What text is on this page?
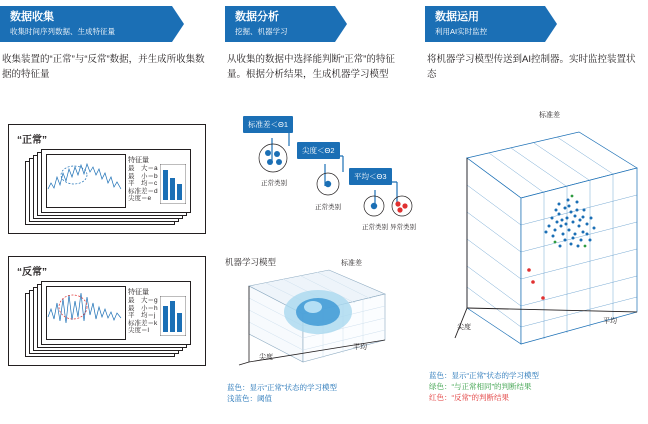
数据收集
收集时间序列数据、生成特征量
收集装置的“正常”与“反常”数据，并生成所收集数据的特征量
“正常”
特征量
最　大＝a
最　小＝b
平　均＝c
标准差＝d
尖度＝e
“反常”
特征量
最　大＝g
最　小＝h
平　均＝j
标准差＝k
尖度＝l
数据分析
挖掘、机器学习
从收集的数据中选择能判断“正常”的特征量。根据分析结果，生成机器学习模型
标准差＜Θ1
尖度＜Θ2
平均＜Θ3
正常类别
正常类别
正常类别 异常类别
机器学习模型	标准差
尖度
平均
蓝色：显示“正常”状态的学习模型
浅蓝色：阈值
数据运用
利用AI实时监控
将机器学习模型传送到AI控制器。实时监控装置状态
标准差
尖度
平均
蓝色：显示“正常”状态的学习模型
绿色：“与正常相同”的判断结果
红色：“反常”的判断结果
